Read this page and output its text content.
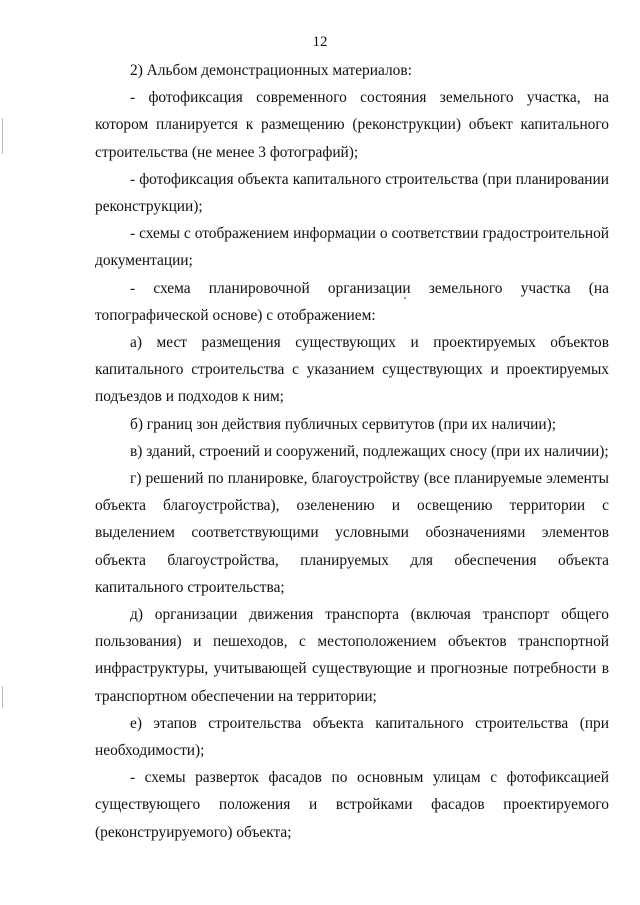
12

2) Альбом демонстрационных материалов:

- фотофиксация современного состояния земельного участка, на котором планируется к размещению (реконструкции) объект капитального строительства (не менее 3 фотографий);

- фотофиксация объекта капитального строительства (при планировании реконструкции);

- схемы с отображением информации о соответствии градостроительной документации;

- схема планировочной организации земельного участка (на топографической основе) с отображением:

а) мест размещения существующих и проектируемых объектов капитального строительства с указанием существующих и проектируемых подъездов и подходов к ним;

б) границ зон действия публичных сервитутов (при их наличии);

в) зданий, строений и сооружений, подлежащих сносу (при их наличии);

г) решений по планировке, благоустройству (все планируемые элементы объекта благоустройства), озеленению и освещению территории с выделением соответствующими условными обозначениями элементов объекта благоустройства, планируемых для обеспечения объекта капитального строительства;

д) организации движения транспорта (включая транспорт общего пользования) и пешеходов, с местоположением объектов транспортной инфраструктуры, учитывающей существующие и прогнозные потребности в транспортном обеспечении на территории;

е) этапов строительства объекта капитального строительства (при необходимости);

- схемы разверток фасадов по основным улицам с фотофиксацией существующего положения и встройками фасадов проектируемого (реконструируемого) объекта;
